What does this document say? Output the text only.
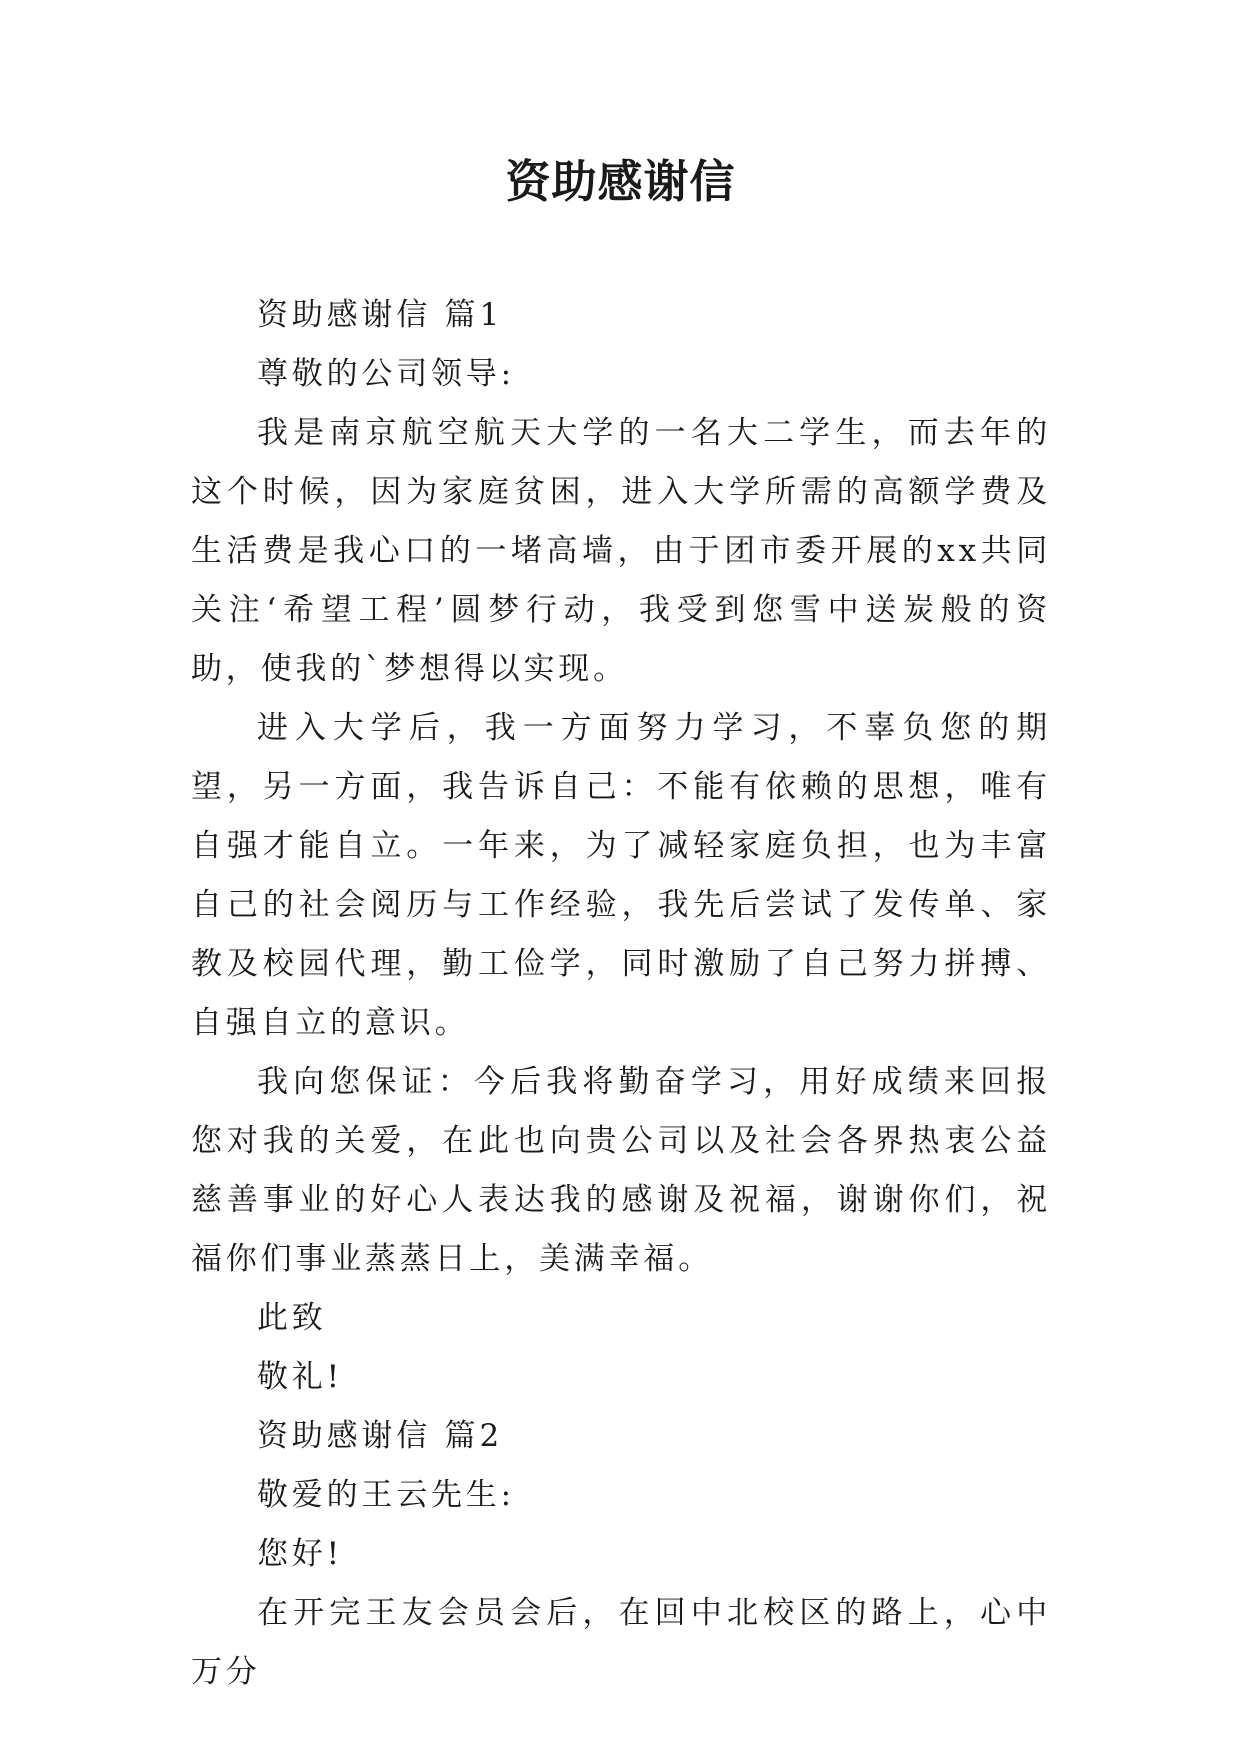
资助感谢信

资助感谢信 篇1

尊敬的公司领导:

我是南京航空航天大学的一名大二学生，而去年的这个时候，因为家庭贫困，进入大学所需的高额学费及生活费是我心口的一堵高墙，由于团市委开展的xx共同关注‘希望工程’圆梦行动，我受到您雪中送炭般的资助，使我的`梦想得以实现。

进入大学后，我一方面努力学习，不辜负您的期望，另一方面，我告诉自己：不能有依赖的思想，唯有自强才能自立。一年来，为了减轻家庭负担，也为丰富自己的社会阅历与工作经验，我先后尝试了发传单、家教及校园代理，勤工俭学，同时激励了自己努力拼搏、自强自立的意识。

我向您保证：今后我将勤奋学习，用好成绩来回报您对我的关爱，在此也向贵公司以及社会各界热衷公益慈善事业的好心人表达我的感谢及祝福，谢谢你们，祝福你们事业蒸蒸日上，美满幸福。

此致

敬礼!

资助感谢信 篇2

敬爱的王云先生:

您好!

在开完王友会员会后，在回中北校区的路上，心中万分
